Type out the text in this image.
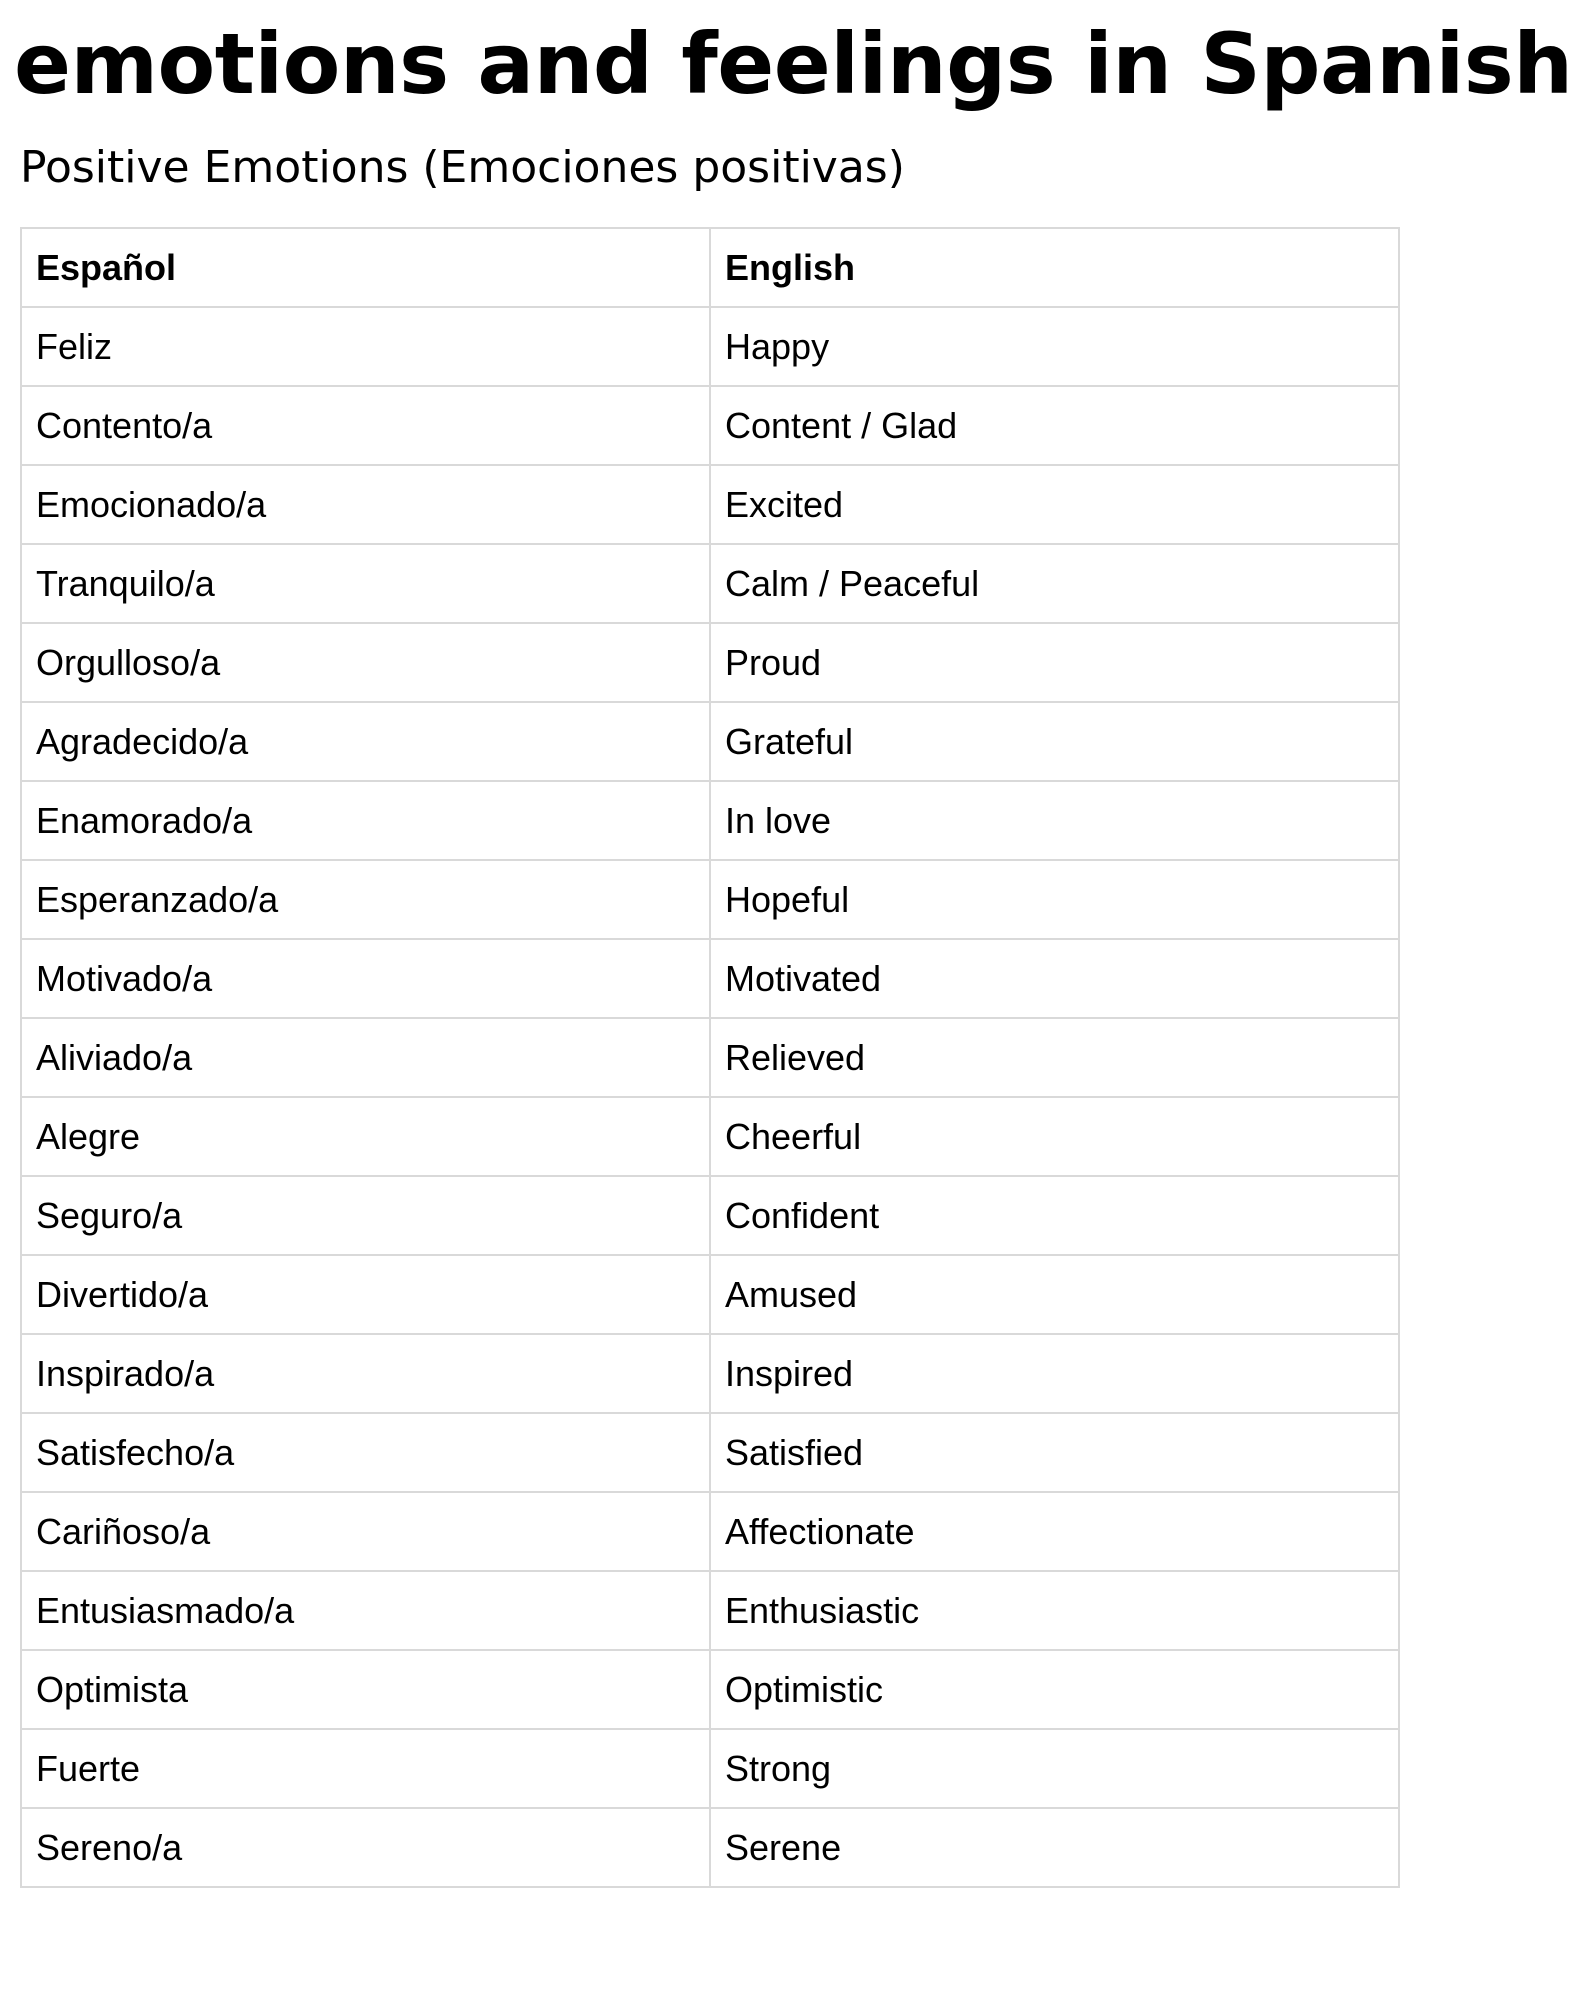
emotions and feelings in Spanish
Positive Emotions (Emociones positivas)
Español	English
Feliz	Happy
Contento/a	Content / Glad
Emocionado/a	Excited
Tranquilo/a	Calm / Peaceful
Orgulloso/a	Proud
Agradecido/a	Grateful
Enamorado/a	In love
Esperanzado/a	Hopeful
Motivado/a	Motivated
Aliviado/a	Relieved
Alegre	Cheerful
Seguro/a	Confident
Divertido/a	Amused
Inspirado/a	Inspired
Satisfecho/a	Satisfied
Cariñoso/a	Affectionate
Entusiasmado/a	Enthusiastic
Optimista	Optimistic
Fuerte	Strong
Sereno/a	Serene
